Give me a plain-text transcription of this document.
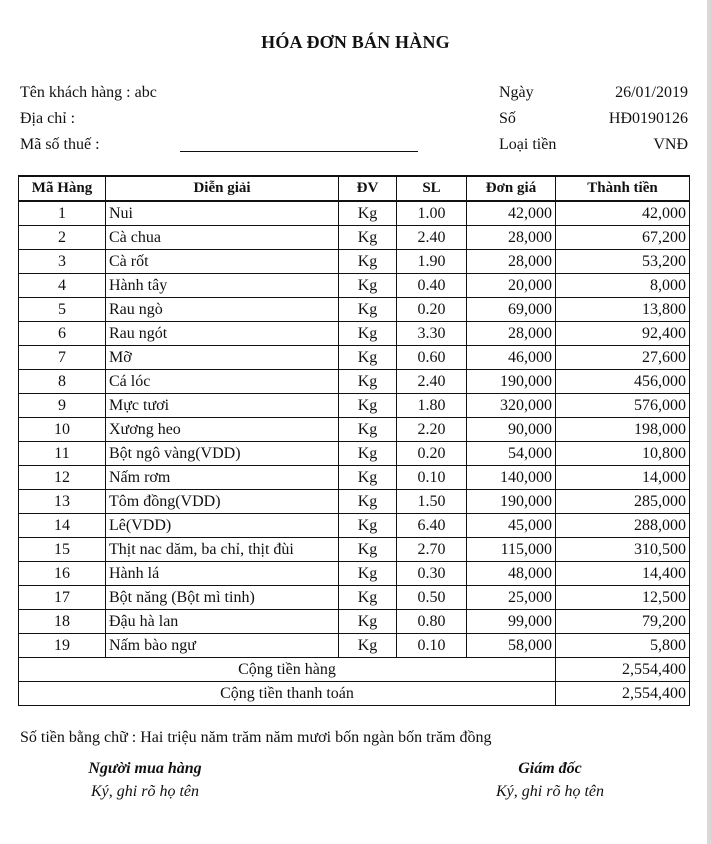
HÓA ĐƠN BÁN HÀNG
Tên khách hàng : abc
Địa chỉ :
Mã số thuế :
Ngày	26/01/2019
Số	HĐ0190126
Loại tiền	VNĐ
Mã Hàng	Diễn giải	ĐV	SL	Đơn giá	Thành tiền
1	Nui	Kg	1.00	42,000	42,000
2	Cà chua	Kg	2.40	28,000	67,200
3	Cà rốt	Kg	1.90	28,000	53,200
4	Hành tây	Kg	0.40	20,000	8,000
5	Rau ngò	Kg	0.20	69,000	13,800
6	Rau ngót	Kg	3.30	28,000	92,400
7	Mỡ	Kg	0.60	46,000	27,600
8	Cá lóc	Kg	2.40	190,000	456,000
9	Mực tươi	Kg	1.80	320,000	576,000
10	Xương heo	Kg	2.20	90,000	198,000
11	Bột ngô vàng(VDD)	Kg	0.20	54,000	10,800
12	Nấm rơm	Kg	0.10	140,000	14,000
13	Tôm đồng(VDD)	Kg	1.50	190,000	285,000
14	Lê(VDD)	Kg	6.40	45,000	288,000
15	Thịt nac dăm, ba chỉ, thịt đùi	Kg	2.70	115,000	310,500
16	Hành lá	Kg	0.30	48,000	14,400
17	Bột năng (Bột mì tinh)	Kg	0.50	25,000	12,500
18	Đậu hà lan	Kg	0.80	99,000	79,200
19	Nấm bào ngư	Kg	0.10	58,000	5,800
Cộng tiền hàng					2,554,400
Cộng tiền thanh toán					2,554,400
Số tiền bằng chữ : Hai triệu năm trăm năm mươi bốn ngàn bốn trăm đồng
Người mua hàng
Ký, ghi rõ họ tên
Giám đốc
Ký, ghi rõ họ tên
